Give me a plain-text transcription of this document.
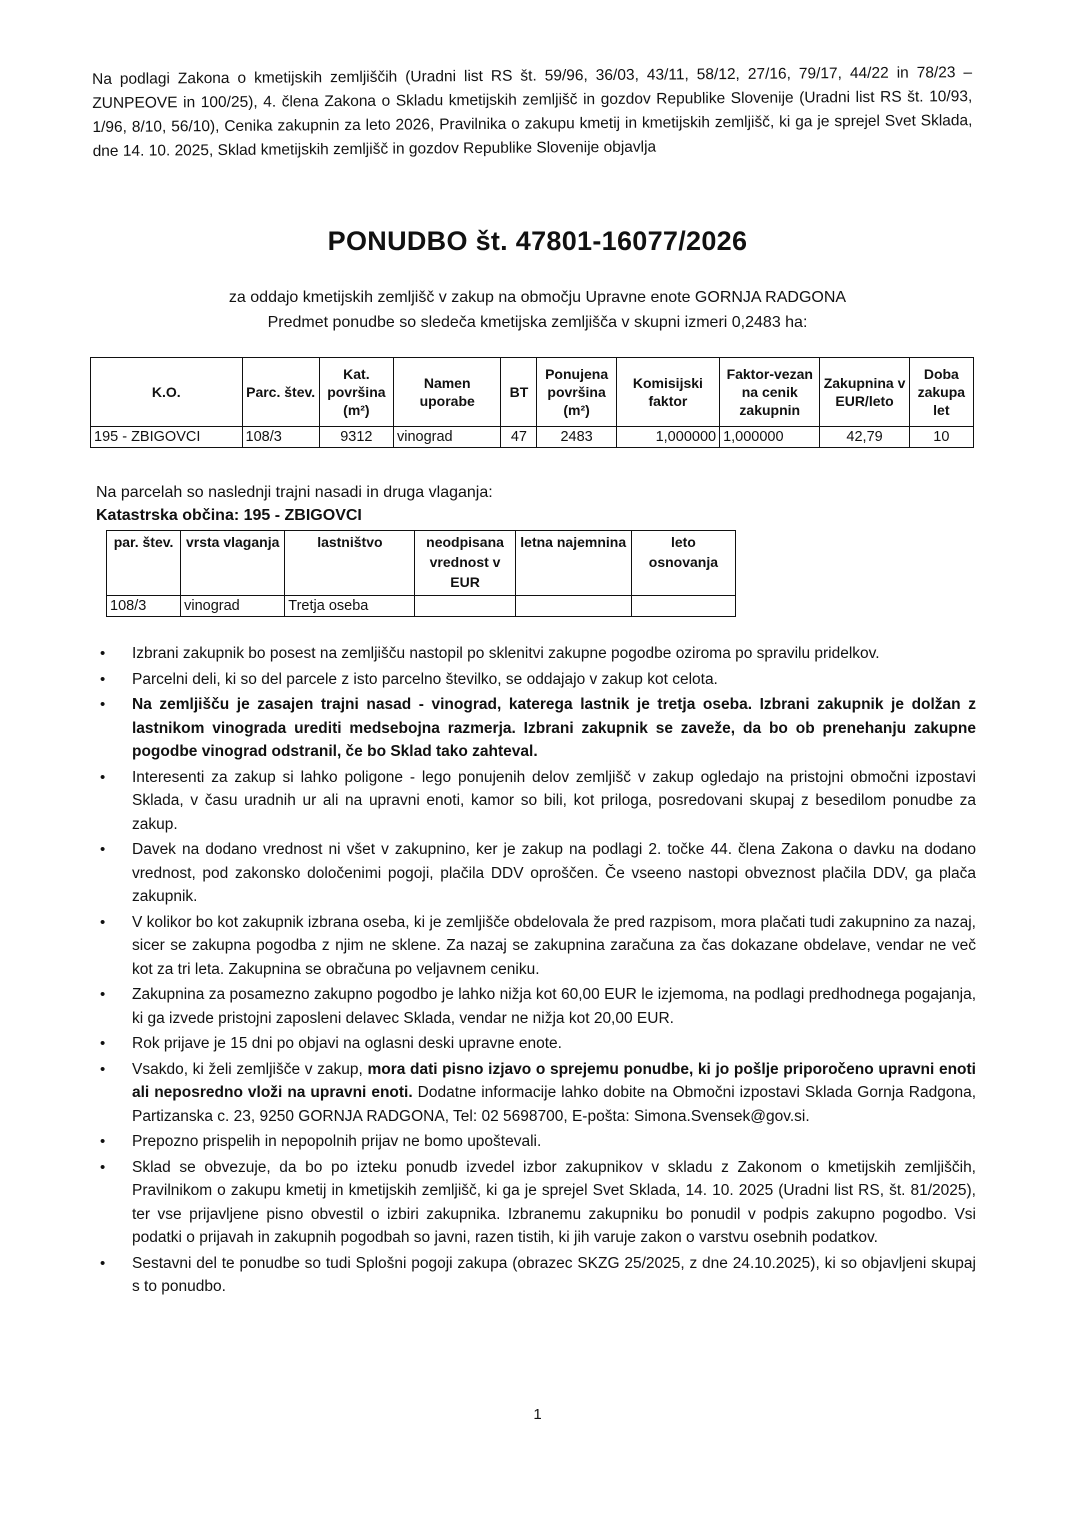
Na podlagi Zakona o kmetijskih zemljiščih (Uradni list RS št. 59/96, 36/03, 43/11, 58/12, 27/16, 79/17, 44/22 in 78/23 – ZUNPEOVE in 100/25), 4. člena Zakona o Skladu kmetijskih zemljišč in gozdov Republike Slovenije (Uradni list RS št. 10/93, 1/96, 8/10, 56/10), Cenika zakupnin za leto 2026, Pravilnika o zakupu kmetij in kmetijskih zemljišč, ki ga je sprejel Svet Sklada, dne 14. 10. 2025, Sklad kmetijskih zemljišč in gozdov Republike Slovenije objavlja
PONUDBO št. 47801-16077/2026
za oddajo kmetijskih zemljišč v zakup na območju Upravne enote GORNJA RADGONA
Predmet ponudbe so sledeča kmetijska zemljišča v skupni izmeri 0,2483 ha:
K.O.	Parc. štev.	Kat. površina (m²)	Namen uporabe	BT	Ponujena površina (m²)	Komisijski faktor	Faktor-vezan na cenik zakupnin	Zakupnina v EUR/leto	Doba zakupa let
195 - ZBIGOVCI	108/3	9312	vinograd	47	2483	1,000000	1,000000	42,79	10
Na parcelah so naslednji trajni nasadi in druga vlaganja:
Katastrska občina: 195 - ZBIGOVCI
par. štev.	vrsta vlaganja	lastništvo	neodpisana vrednost v EUR	letna najemnina	leto osnovanja
108/3	vinograd	Tretja oseba			
• Izbrani zakupnik bo posest na zemljišču nastopil po sklenitvi zakupne pogodbe oziroma po spravilu pridelkov.
• Parcelni deli, ki so del parcele z isto parcelno številko, se oddajajo v zakup kot celota.
• Na zemljišču je zasajen trajni nasad - vinograd, katerega lastnik je tretja oseba. Izbrani zakupnik je dolžan z lastnikom vinograda urediti medsebojna razmerja. Izbrani zakupnik se zaveže, da bo ob prenehanju zakupne pogodbe vinograd odstranil, če bo Sklad tako zahteval.
• Interesenti za zakup si lahko poligone - lego ponujenih delov zemljišč v zakup ogledajo na pristojni območni izpostavi Sklada, v času uradnih ur ali na upravni enoti, kamor so bili, kot priloga, posredovani skupaj z besedilom ponudbe za zakup.
• Davek na dodano vrednost ni všet v zakupnino, ker je zakup na podlagi 2. točke 44. člena Zakona o davku na dodano vrednost, pod zakonsko določenimi pogoji, plačila DDV oproščen. Če vseeno nastopi obveznost plačila DDV, ga plača zakupnik.
• V kolikor bo kot zakupnik izbrana oseba, ki je zemljišče obdelovala že pred razpisom, mora plačati tudi zakupnino za nazaj, sicer se zakupna pogodba z njim ne sklene. Za nazaj se zakupnina zaračuna za čas dokazane obdelave, vendar ne več kot za tri leta. Zakupnina se obračuna po veljavnem ceniku.
• Zakupnina za posamezno zakupno pogodbo je lahko nižja kot 60,00 EUR le izjemoma, na podlagi predhodnega pogajanja, ki ga izvede pristojni zaposleni delavec Sklada, vendar ne nižja kot 20,00 EUR.
• Rok prijave je 15 dni po objavi na oglasni deski upravne enote.
• Vsakdo, ki želi zemljišče v zakup, mora dati pisno izjavo o sprejemu ponudbe, ki jo pošlje priporočeno upravni enoti ali neposredno vloži na upravni enoti. Dodatne informacije lahko dobite na Območni izpostavi Sklada Gornja Radgona, Partizanska c. 23, 9250 GORNJA RADGONA, Tel: 02 5698700, E-pošta: Simona.Svensek@gov.si.
• Prepozno prispelih in nepopolnih prijav ne bomo upoštevali.
• Sklad se obvezuje, da bo po izteku ponudb izvedel izbor zakupnikov v skladu z Zakonom o kmetijskih zemljiščih, Pravilnikom o zakupu kmetij in kmetijskih zemljišč, ki ga je sprejel Svet Sklada, 14. 10. 2025 (Uradni list RS, št. 81/2025), ter vse prijavljene pisno obvestil o izbiri zakupnika. Izbranemu zakupniku bo ponudil v podpis zakupno pogodbo. Vsi podatki o prijavah in zakupnih pogodbah so javni, razen tistih, ki jih varuje zakon o varstvu osebnih podatkov.
• Sestavni del te ponudbe so tudi Splošni pogoji zakupa (obrazec SKZG 25/2025, z dne 24.10.2025), ki so objavljeni skupaj s to ponudbo.
1
